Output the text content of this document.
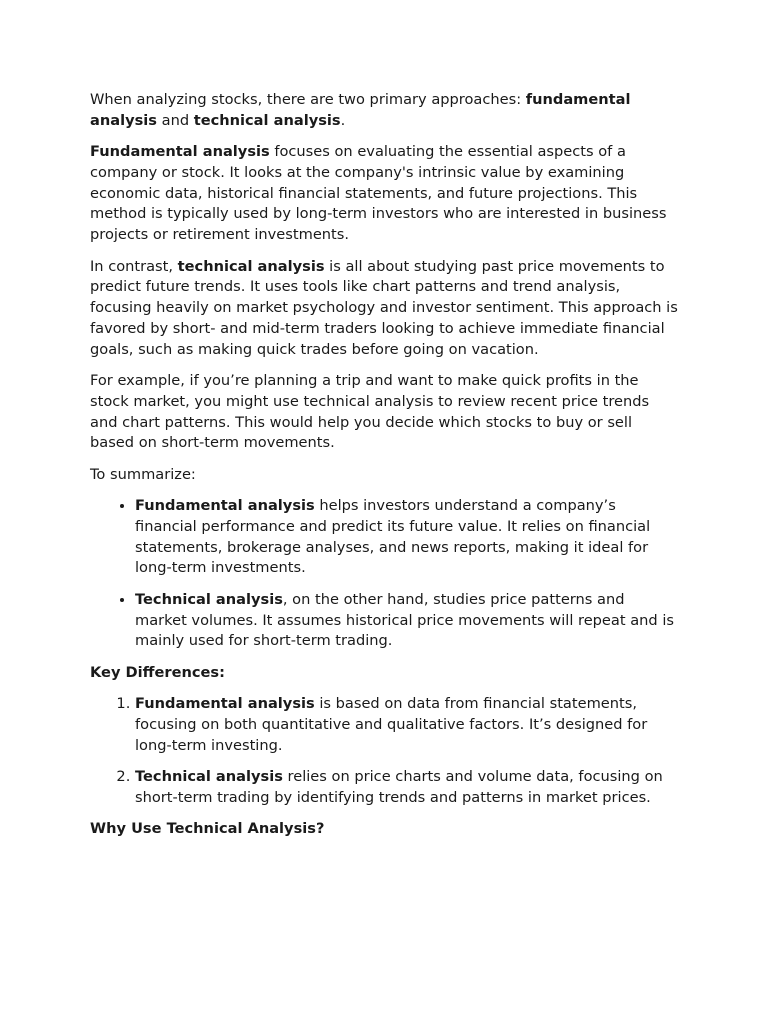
When analyzing stocks, there are two primary approaches: fundamental analysis and technical analysis.

Fundamental analysis focuses on evaluating the essential aspects of a company or stock. It looks at the company's intrinsic value by examining economic data, historical financial statements, and future projections. This method is typically used by long-term investors who are interested in business projects or retirement investments.

In contrast, technical analysis is all about studying past price movements to predict future trends. It uses tools like chart patterns and trend analysis, focusing heavily on market psychology and investor sentiment. This approach is favored by short- and mid-term traders looking to achieve immediate financial goals, such as making quick trades before going on vacation.

For example, if you’re planning a trip and want to make quick profits in the stock market, you might use technical analysis to review recent price trends and chart patterns. This would help you decide which stocks to buy or sell based on short-term movements.

To summarize:

• Fundamental analysis helps investors understand a company’s financial performance and predict its future value. It relies on financial statements, brokerage analyses, and news reports, making it ideal for long-term investments.
• Technical analysis, on the other hand, studies price patterns and market volumes. It assumes historical price movements will repeat and is mainly used for short-term trading.

Key Differences:

1. Fundamental analysis is based on data from financial statements, focusing on both quantitative and qualitative factors. It’s designed for long-term investing.
2. Technical analysis relies on price charts and volume data, focusing on short-term trading by identifying trends and patterns in market prices.

Why Use Technical Analysis?
